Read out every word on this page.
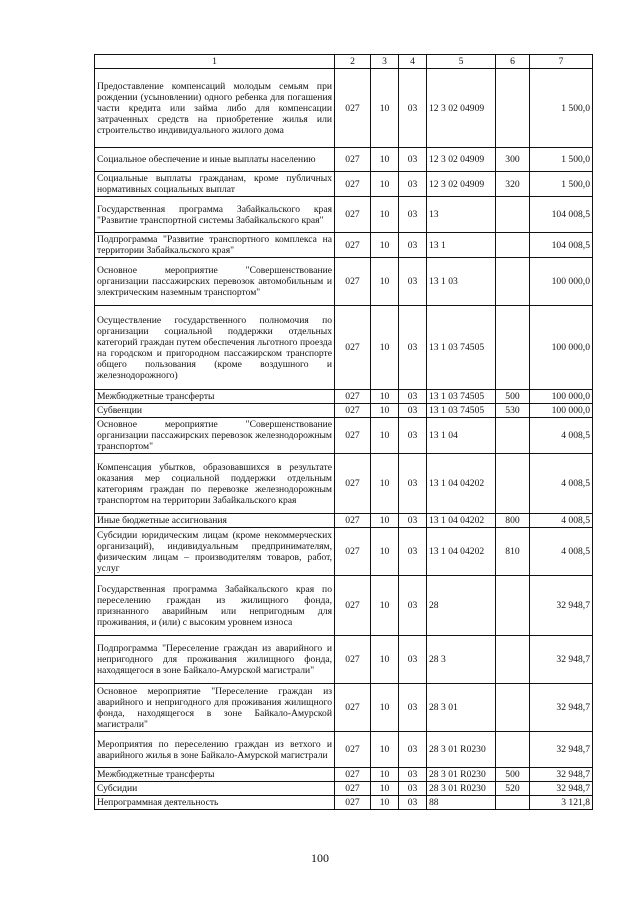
1	2	3	4	5	6	7
Предоставление компенсаций молодым семьям при рождении (усыновлении) одного ребенка для погашения части кредита или займа либо для компенсации затраченных средств на приобретение жилья или строительство индивидуального жилого дома	027	10	03	12 3 02 04909		1 500,0
Социальное обеспечение и иные выплаты населению	027	10	03	12 3 02 04909	300	1 500,0
Социальные выплаты гражданам, кроме публичных нормативных социальных выплат	027	10	03	12 3 02 04909	320	1 500,0
Государственная программа Забайкальского края "Развитие транспортной системы Забайкальского края"	027	10	03	13		104 008,5
Подпрограмма "Развитие транспортного комплекса на территории Забайкальского края"	027	10	03	13 1		104 008,5
Основное мероприятие "Совершенствование организации пассажирских перевозок автомобильным и электрическим наземным транспортом"	027	10	03	13 1 03		100 000,0
Осуществление государственного полномочия по организации социальной поддержки отдельных категорий граждан путем обеспечения льготного проезда на городском и пригородном пассажирском транспорте общего пользования (кроме воздушного и железнодорожного)	027	10	03	13 1 03 74505		100 000,0
Межбюджетные трансферты	027	10	03	13 1 03 74505	500	100 000,0
Субвенции	027	10	03	13 1 03 74505	530	100 000,0
Основное мероприятие "Совершенствование организации пассажирских перевозок железнодорожным транспортом"	027	10	03	13 1 04		4 008,5
Компенсация убытков, образовавшихся в результате оказания мер социальной поддержки отдельным категориям граждан по перевозке железнодорожным транспортом на территории Забайкальского края	027	10	03	13 1 04 04202		4 008,5
Иные бюджетные ассигнования	027	10	03	13 1 04 04202	800	4 008,5
Субсидии юридическим лицам (кроме некоммерческих организаций), индивидуальным предпринимателям, физическим лицам – производителям товаров, работ, услуг	027	10	03	13 1 04 04202	810	4 008,5
Государственная программа Забайкальского края по переселению граждан из жилищного фонда, признанного аварийным или непригодным для проживания, и (или) с высоким уровнем износа	027	10	03	28		32 948,7
Подпрограмма "Переселение граждан из аварийного и непригодного для проживания жилищного фонда, находящегося в зоне Байкало-Амурской магистрали"	027	10	03	28 3		32 948,7
Основное мероприятие "Переселение граждан из аварийного и непригодного для проживания жилищного фонда, находящегося в зоне Байкало-Амурской магистрали"	027	10	03	28 3 01		32 948,7
Мероприятия по переселению граждан из ветхого и аварийного жилья в зоне Байкало-Амурской магистрали	027	10	03	28 3 01 R0230		32 948,7
Межбюджетные трансферты	027	10	03	28 3 01 R0230	500	32 948,7
Субсидии	027	10	03	28 3 01 R0230	520	32 948,7
Непрограммная деятельность	027	10	03	88		3 121,8
100
